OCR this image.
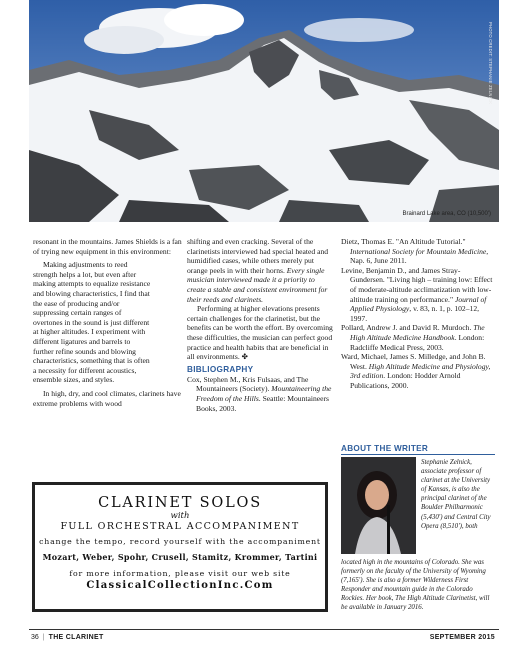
PHOTO CREDIT: STEPHANIE ZELNICK
Brainard Lake area, CO (10,500')

resonant in the mountains. James Shields is a fan of trying new equipment in this environment:

Making adjustments to reed strength helps a lot, but even after making attempts to equalize resistance and blowing characteristics, I find that the ease of producing and/or suppressing certain ranges of overtones in the sound is just different at higher altitudes. I experiment with different ligatures and barrels to further refine sounds and blowing characteristics, something that is often a necessity for different acoustics, ensemble sizes, and styles.

In high, dry, and cool climates, clarinets have extreme problems with wood

shifting and even cracking. Several of the clarinetists interviewed had special heated and humidified cases, while others merely put orange peels in with their horns. Every single musician interviewed made it a priority to create a stable and consistent environment for their reeds and clarinets.

Performing at higher elevations presents certain challenges for the clarinetist, but the benefits can be worth the effort. By overcoming these difficulties, the musician can perfect good practice and health habits that are beneficial in all environments. ✤

BIBLIOGRAPHY

Cox, Stephen M., Kris Fulsaas, and The Mountaineers (Society). Mountaineering the Freedom of the Hills. Seattle: Mountaineers Books, 2003.

Dietz, Thomas E. "An Altitude Tutorial." International Society for Mountain Medicine, Nap. 6, June 2011.

Levine, Benjamin D., and James Stray-Gundersen. "Living high – training low: Effect of moderate-altitude acclimatization with low-altitude training on performance." Journal of Applied Physiology, v. 83, n. 1, p. 102–12, 1997.

Pollard, Andrew J. and David R. Murdoch. The High Altitude Medicine Handbook. London: Radcliffe Medical Press, 2003.

Ward, Michael, James S. Milledge, and John B. West. High Altitude Medicine and Physiology, 3rd edition. London: Hodder Arnold Publications, 2000.

ABOUT THE WRITER
Stephanie Zelnick, associate professor of clarinet at the University of Kansas, is also the principal clarinet of the Boulder Philharmonic (5,430') and Central City Opera (8,510'), both
located high in the mountains of Colorado. She was formerly on the faculty of the University of Wyoming (7,165'). She is also a former Wilderness First Responder and mountain guide in the Colorado Rockies. Her book, The High Altitude Clarinetist, will be available in January 2016.
CLARINET SOLOS
with
FULL ORCHESTRAL ACCOMPANIMENT
change the tempo, record yourself with the accompaniment
Mozart, Weber, Spohr, Crusell, Stamitz, Krommer, Tartini
for more information, please visit our web site
ClassicalCollectionInc.Com
36 | THE CLARINET	SEPTEMBER 2015
